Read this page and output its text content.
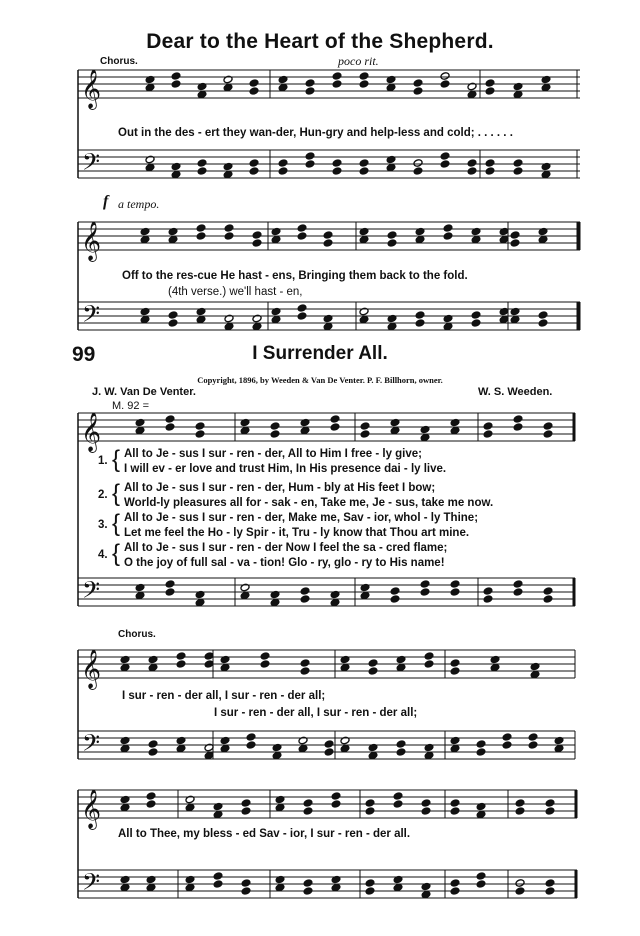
𝄞
𝄞
𝄞
𝄞
𝄞
𝄢
𝄢
𝄢
𝄢
𝄢
Dear to the Heart of the Shepherd.
Chorus.	poco rit.
Out in the des - ert they wan-der, Hun-gry and help-less and cold; . . . . . .
f a tempo.
Off to the res-cue He hast - ens, Bringing them back to the fold.
(4th verse.) we'll hast - en,
99	I Surrender All.
Copyright, 1896, by Weeden & Van De Venter. P. F. Billhorn, owner.
J. W. Van De Venter.	W. S. Weeden.
M. 92 =
1. { All to Je - sus I sur - ren - der, All to Him I free - ly give;
I will ev - er love and trust Him, In His presence dai - ly live.
2. { All to Je - sus I sur - ren - der, Hum - bly at His feet I bow;
World-ly pleasures all for - sak - en, Take me, Je - sus, take me now.
3. { All to Je - sus I sur - ren - der, Make me, Sav - ior, whol - ly Thine;
Let me feel the Ho - ly Spir - it, Tru - ly know that Thou art mine.
4. { All to Je - sus I sur - ren - der Now I feel the sa - cred flame;
O the joy of full sal - va - tion! Glo - ry, glo - ry to His name!
Chorus.
I sur - ren - der all, I sur - ren - der all;
I sur - ren - der all, I sur - ren - der all;
All to Thee, my bless - ed Sav - ior, I sur - ren - der all.
